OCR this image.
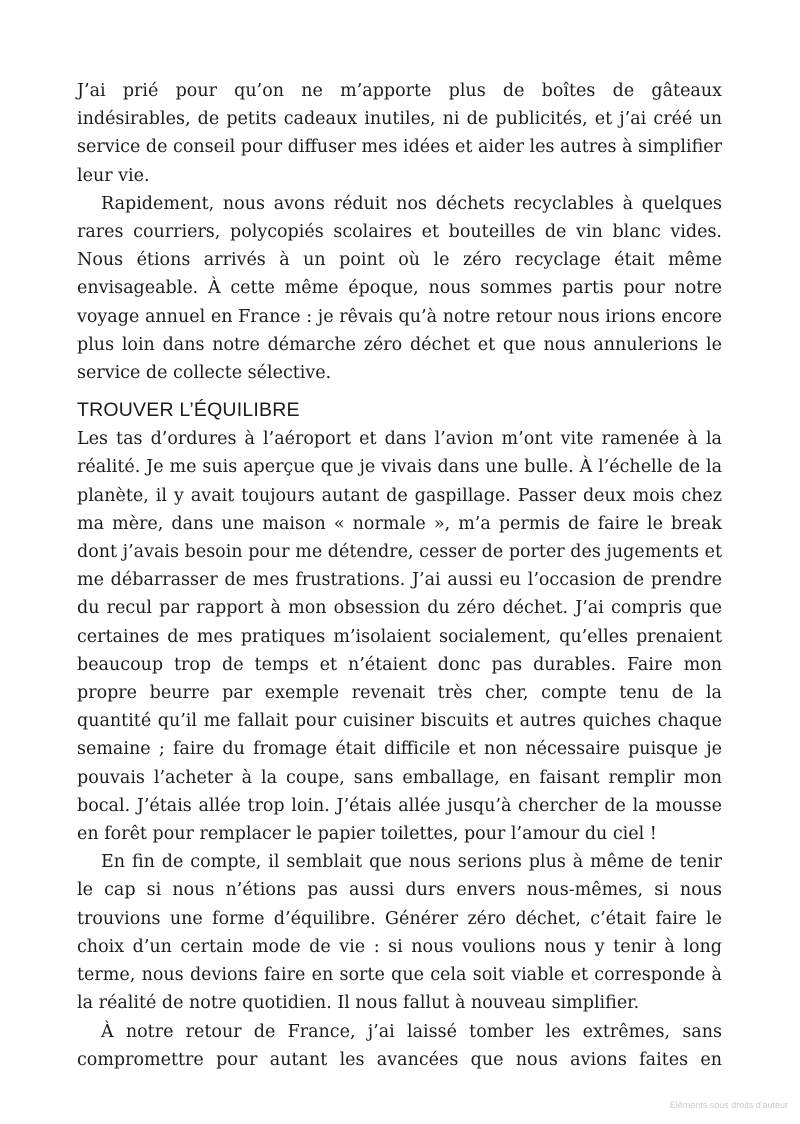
J’ai prié pour qu’on ne m’apporte plus de boîtes de gâteaux indésirables, de petits cadeaux inutiles, ni de publicités, et j’ai créé un service de conseil pour diffuser mes idées et aider les autres à simplifier leur vie.

Rapidement, nous avons réduit nos déchets recyclables à quelques rares courriers, polycopiés scolaires et bouteilles de vin blanc vides. Nous étions arrivés à un point où le zéro recyclage était même envisageable. À cette même époque, nous sommes partis pour notre voyage annuel en France : je rêvais qu’à notre retour nous irions encore plus loin dans notre démarche zéro déchet et que nous annulerions le service de collecte sélective.

TROUVER L’ÉQUILIBRE

Les tas d’ordures à l’aéroport et dans l’avion m’ont vite ramenée à la réalité. Je me suis aperçue que je vivais dans une bulle. À l’échelle de la planète, il y avait toujours autant de gaspillage. Passer deux mois chez ma mère, dans une maison « normale », m’a permis de faire le break dont j’avais besoin pour me détendre, cesser de porter des jugements et me débarrasser de mes frustrations. J’ai aussi eu l’occasion de prendre du recul par rapport à mon obsession du zéro déchet. J’ai compris que certaines de mes pratiques m’isolaient socialement, qu’elles prenaient beaucoup trop de temps et n’étaient donc pas durables. Faire mon propre beurre par exemple revenait très cher, compte tenu de la quantité qu’il me fallait pour cuisiner biscuits et autres quiches chaque semaine ; faire du fromage était difficile et non nécessaire puisque je pouvais l’acheter à la coupe, sans emballage, en faisant remplir mon bocal. J’étais allée trop loin. J’étais allée jusqu’à chercher de la mousse en forêt pour remplacer le papier toilettes, pour l’amour du ciel !

En fin de compte, il semblait que nous serions plus à même de tenir le cap si nous n’étions pas aussi durs envers nous-mêmes, si nous trouvions une forme d’équilibre. Générer zéro déchet, c’était faire le choix d’un certain mode de vie : si nous voulions nous y tenir à long terme, nous devions faire en sorte que cela soit viable et corresponde à la réalité de notre quotidien. Il nous fallut à nouveau simplifier.

À notre retour de France, j’ai laissé tomber les extrêmes, sans compromettre pour autant les avancées que nous avions faites en

Eléments sous droits d'auteur
